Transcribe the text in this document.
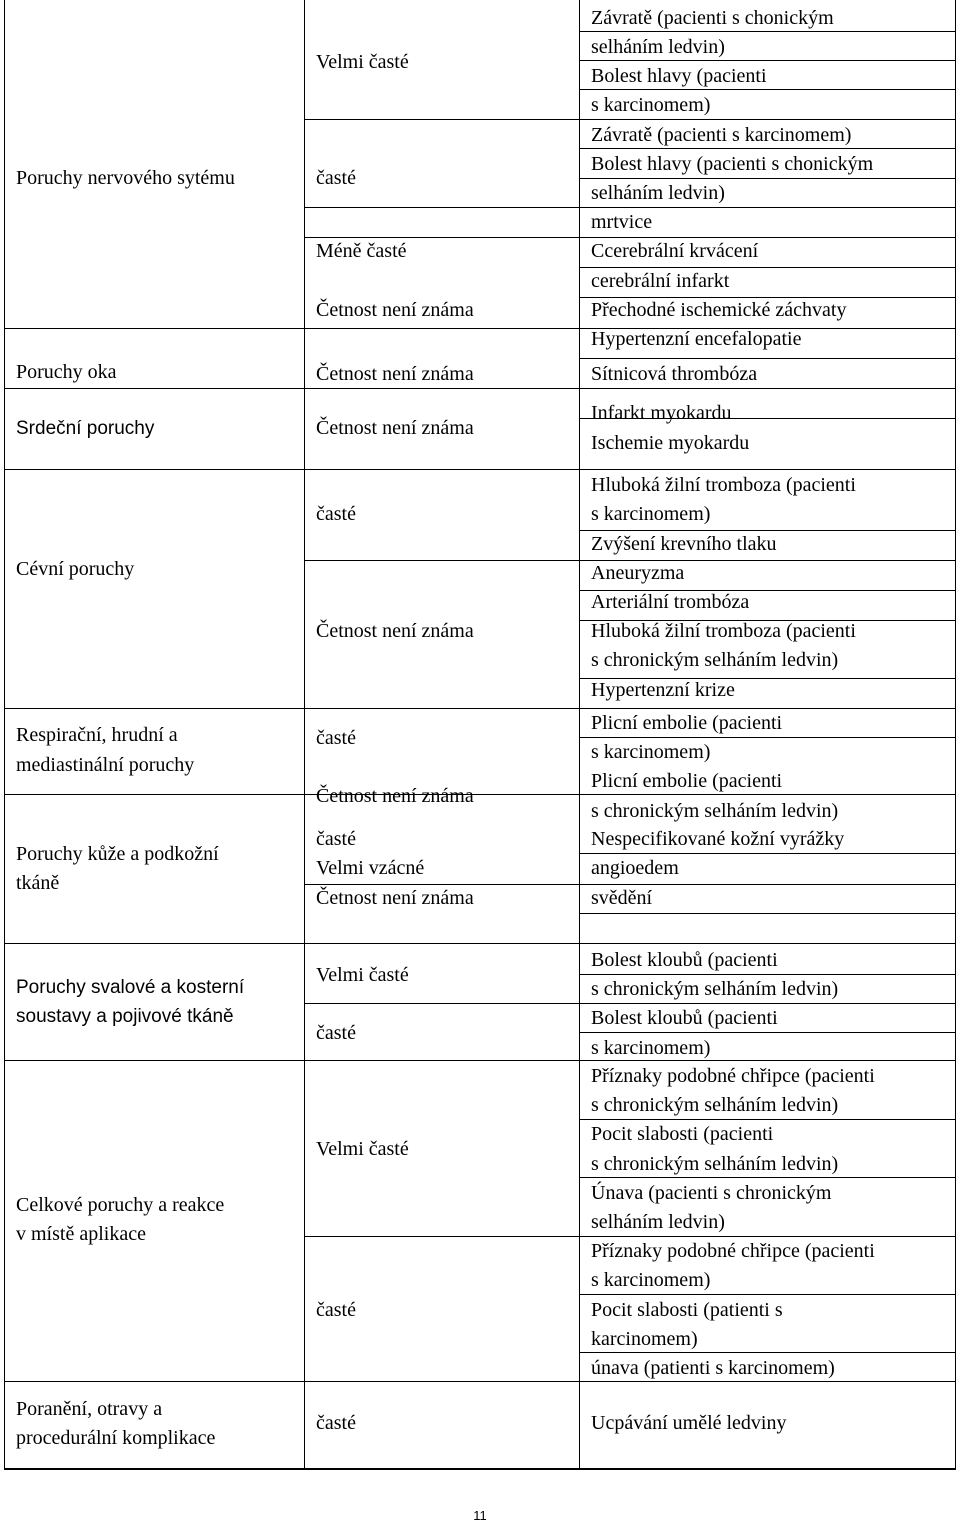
Závratě (pacienti s chonickým
selháním ledvin)
Bolest hlavy (pacienti
s karcinomem)
Velmi časté
Závratě (pacienti s karcinomem)
Bolest hlavy (pacienti s chonickým
selháním ledvin)
mrtvice
časté
Ccerebrální krvácení
Méně časté
cerebrální infarkt
Přechodné ischemické záchvaty
Hypertenzní encefalopatie
Četnost není známa
Poruchy nervového sytému
Sítnicová thrombóza
Četnost není známa
Poruchy oka
Infarkt myokardu
Ischemie myokardu
Četnost není známa
Srdeční poruchy
Hluboká žilní tromboza (pacienti
s karcinomem)
Zvýšení krevního tlaku
časté
Aneuryzma
Arteriální trombóza
Hluboká žilní tromboza (pacienti
s chronickým selháním ledvin)
Hypertenzní krize
Četnost není známa
Cévní poruchy
Plicní embolie (pacienti
s karcinomem)
časté
Plicní embolie (pacienti
s chronickým selháním ledvin)
Četnost není známa
Respirační, hrudní a
mediastinální poruchy
Nespecifikované kožní vyrážky
časté
angioedem
Velmi vzácné
svědění
Četnost není známa
Poruchy kůže a podkožní
tkáně
Bolest kloubů (pacienti
s chronickým selháním ledvin)
Velmi časté
Bolest kloubů (pacienti
s karcinomem)
časté
Poruchy svalové a kosterní
soustavy a pojivové tkáně
Příznaky podobné chřipce (pacienti
s chronickým selháním ledvin)
Pocit slabosti (pacienti
s chronickým selháním ledvin)
Únava (pacienti s chronickým
selháním ledvin)
Velmi časté
Příznaky podobné chřipce (pacienti
s karcinomem)
Pocit slabosti (patienti s
karcinomem)
únava (patienti s karcinomem)
časté
Celkové poruchy a reakce
v místě aplikace
Ucpávání umělé ledviny
časté
Poranění, otravy a
procedurální komplikace
11
